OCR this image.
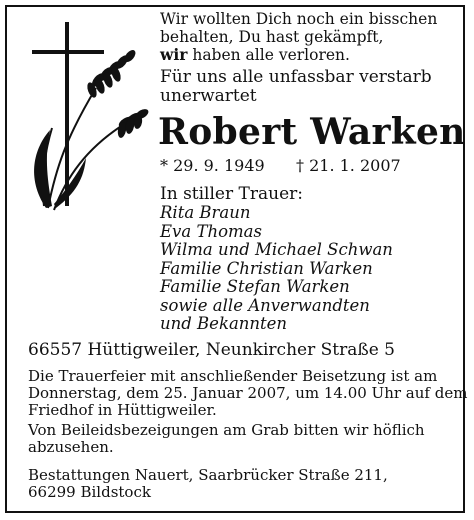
Wir wollten Dich noch ein bisschen
behalten, Du hast gekämpft,
wir haben alle verloren.
Für uns alle unfassbar verstarb
unerwartet
Robert Warken
* 29. 9. 1949 † 21. 1. 2007
In stiller Trauer:
Rita Braun
Eva Thomas
Wilma und Michael Schwan
Familie Christian Warken
Familie Stefan Warken
sowie alle Anverwandten
und Bekannten
66557 Hüttigweiler, Neunkircher Straße 5
Die Trauerfeier mit anschließender Beisetzung ist am
Donnerstag, dem 25. Januar 2007, um 14.00 Uhr auf dem
Friedhof in Hüttigweiler.
Von Beileidsbezeigungen am Grab bitten wir höflich
abzusehen.
Bestattungen Nauert, Saarbrücker Straße 211,
66299 Bildstock
